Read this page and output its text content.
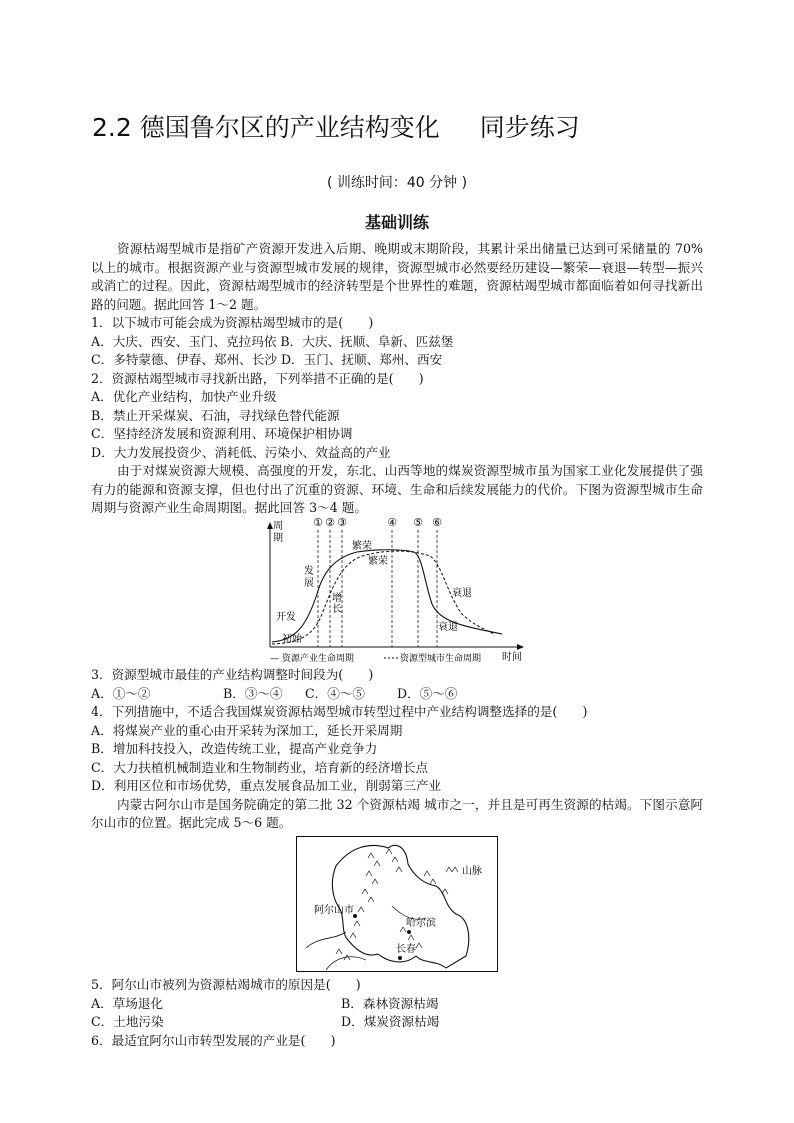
2.2 德国鲁尔区的产业结构变化 同步练习
( 训练时间：40 分钟 )
基础训练

资源枯竭型城市是指矿产资源开发进入后期、晚期或末期阶段，其累计采出储量已达到可采储量的 70%以上的城市。根据资源产业与资源型城市发展的规律，资源型城市必然要经历建设—繁荣—衰退—转型—振兴或消亡的过程。因此，资源枯竭型城市的经济转型是个世界性的难题，资源枯竭型城市都面临着如何寻找新出路的问题。据此回答 1～2 题。

1．以下城市可能会成为资源枯竭型城市的是(　　)

A．大庆、西安、玉门、克拉玛依 B．大庆、抚顺、阜新、匹兹堡

C．多特蒙德、伊春、郑州、长沙 D．玉门、抚顺、郑州、西安

2．资源枯竭型城市寻找新出路，下列举措不正确的是(　　)

A．优化产业结构，加快产业升级

B．禁止开采煤炭、石油，寻找绿色替代能源

C．坚持经济发展和资源利用、环境保护相协调

D．大力发展投资少、消耗低、污染小、效益高的产业

由于对煤炭资源大规模、高强度的开发，东北、山西等地的煤炭资源型城市虽为国家工业化发展提供了强有力的能源和资源支撑，但也付出了沉重的资源、环境、生命和后续发展能力的代价。下图为资源型城市生命周期与资源产业生命周期图。据此回答 3～4 题。

周
期
① ② ③	④ ⑤ ⑥
开发
初始
发
展
增
长
繁荣
繁荣
衰退
衰退
时间
— 资源产业生命周期	资源型城市生命周期

3．资源型城市最佳的产业结构调整时间段为(　　)

A．①～②	B．③～④ C．④～⑤	D．⑤～⑥

4．下列措施中，不适合我国煤炭资源枯竭型城市转型过程中产业结构调整选择的是(　　)

A．将煤炭产业的重心由开采转为深加工，延长开采周期

B．增加科技投入，改造传统工业，提高产业竞争力

C．大力扶植机械制造业和生物制药业，培育新的经济增长点

D．利用区位和市场优势，重点发展食品加工业，削弱第三产业

内蒙古阿尔山市是国务院确定的第二批 32 个资源枯竭 城市之一，并且是可再生资源的枯竭。下图示意阿尔山市的位置。据此完成 5～6 题。

山脉
阿尔山市
哈尔滨
长春

5．阿尔山市被列为资源枯竭城市的原因是(　　)

A．草场退化	B．森林资源枯竭

C．土地污染	D．煤炭资源枯竭

6．最适宜阿尔山市转型发展的产业是(　　)
